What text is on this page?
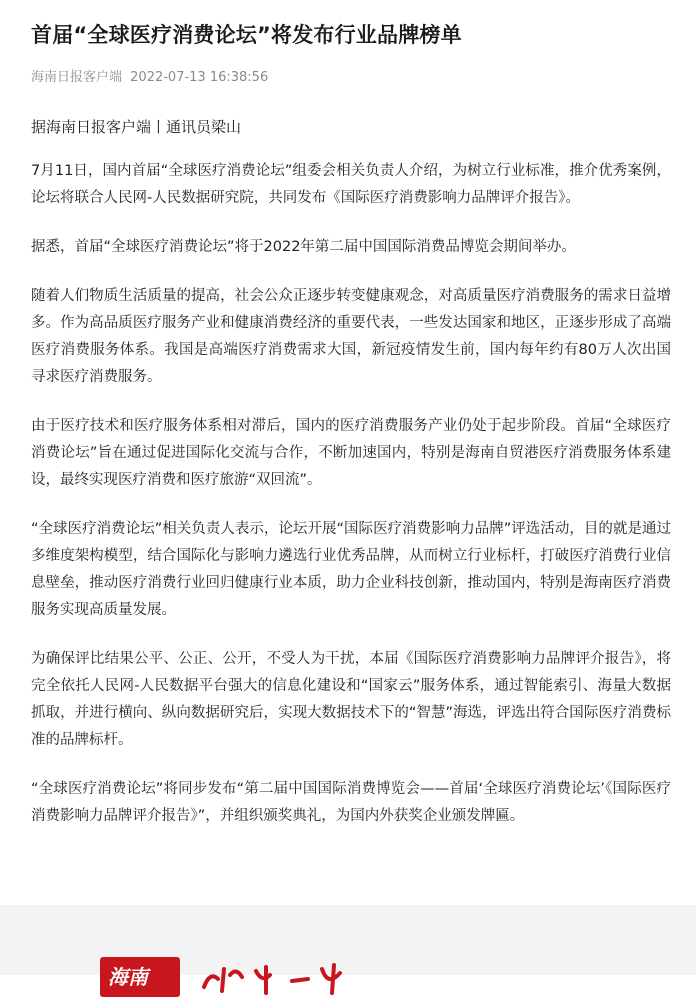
首届“全球医疗消费论坛”将发布行业品牌榜单
海南日报客户端 2022-07-13 16:38:56
据海南日报客户端丨通讯员梁山

7月11日，国内首届“全球医疗消费论坛”组委会相关负责人介绍，为树立行业标准，推介优秀案例，论坛将联合人民网-人民数据研究院，共同发布《国际医疗消费影响力品牌评介报告》。

据悉，首届“全球医疗消费论坛”将于2022年第二届中国国际消费品博览会期间举办。

随着人们物质生活质量的提高，社会公众正逐步转变健康观念，对高质量医疗消费服务的需求日益增多。作为高品质医疗服务产业和健康消费经济的重要代表，一些发达国家和地区，正逐步形成了高端医疗消费服务体系。我国是高端医疗消费需求大国，新冠疫情发生前，国内每年约有80万人次出国寻求医疗消费服务。

由于医疗技术和医疗服务体系相对滞后，国内的医疗消费服务产业仍处于起步阶段。首届“全球医疗消费论坛”旨在通过促进国际化交流与合作，不断加速国内，特别是海南自贸港医疗消费服务体系建设，最终实现医疗消费和医疗旅游“双回流”。

“全球医疗消费论坛”相关负责人表示，论坛开展“国际医疗消费影响力品牌”评选活动，目的就是通过多维度架构模型，结合国际化与影响力遴选行业优秀品牌，从而树立行业标杆，打破医疗消费行业信息壁垒，推动医疗消费行业回归健康行业本质，助力企业科技创新，推动国内，特别是海南医疗消费服务实现高质量发展。

为确保评比结果公平、公正、公开，不受人为干扰，本届《国际医疗消费影响力品牌评介报告》，将完全依托人民网-人民数据平台强大的信息化建设和“国家云”服务体系，通过智能索引、海量大数据抓取，并进行横向、纵向数据研究后，实现大数据技术下的“智慧”海选，评选出符合国际医疗消费标准的品牌标杆。

“全球医疗消费论坛”将同步发布“第二届中国国际消费博览会——首届‘全球医疗消费论坛’《国际医疗消费影响力品牌评介报告》”，并组织颁奖典礼，为国内外获奖企业颁发牌匾。

海南
